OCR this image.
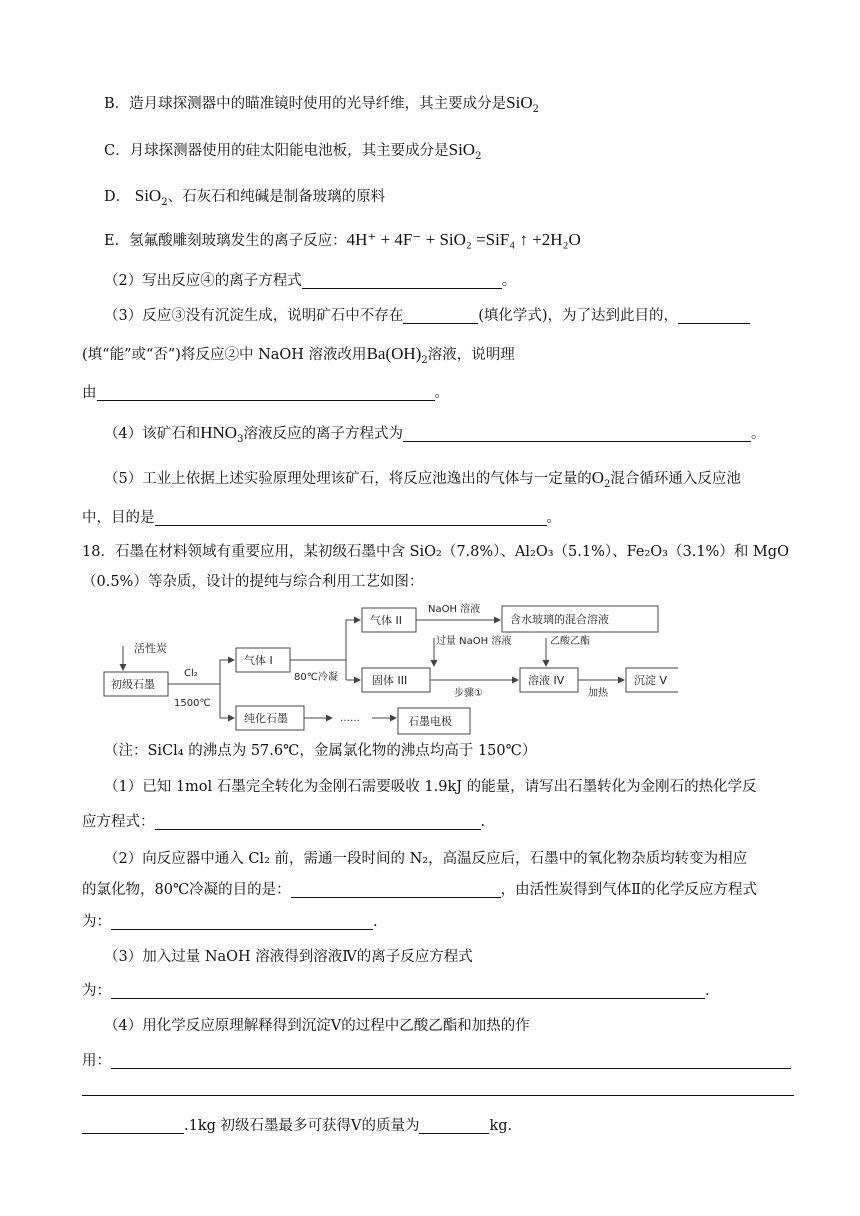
B．造月球探测器中的瞄准镜时使用的光导纤维，其主要成分是SiO$_2$
C．月球探测器使用的硅太阳能电池板，其主要成分是SiO$_2$
D． SiO$_2$、石灰石和纯碱是制备玻璃的原料
E．氢氟酸雕刻玻璃发生的离子反应：4H⁺ + 4F⁻ + SiO₂ =SiF₄ ↑ +2H₂O
（2）写出反应④的离子方程式	。
（3）反应③没有沉淀生成，说明矿石中不存在	(填化学式)，为了达到此目的，
(填“能”或“否”)将反应②中 NaOH 溶液改用$Ba(OH)_2$溶液，说明理
由	。
（4）该矿石和$HNO_3$溶液反应的离子方程式为	。
（5）工业上依据上述实验原理处理该矿石，将反应池逸出的气体与一定量的$O_2$混合循环通入反应池
中，目的是	。
18．石墨在材料领域有重要应用，某初级石墨中含 SiO₂（7.8%）、Al₂O₃（5.1%）、Fe₂O₃（3.1%）和 MgO
（0.5%）等杂质，设计的提纯与综合利用工艺如图：
活性炭
初级石墨
Cl₂
1500℃
气体 I
80℃冷凝
气体 II
NaOH 溶液
含水玻璃的混合溶液
过量 NaOH 溶液
固体 III
步骤①
乙酸乙酯
溶液 IV
加热
沉淀 V
纯化石墨	……	石墨电极
（注：SiCl₄ 的沸点为 57.6℃，金属氯化物的沸点均高于 150℃）
（1）已知 1mol 石墨完全转化为金刚石需要吸收 1.9kJ 的能量，请写出石墨转化为金刚石的热化学反
应方程式：	.
（2）向反应器中通入 Cl₂ 前，需通一段时间的 N₂，高温反应后，石墨中的氧化物杂质均转变为相应
的氯化物，80℃冷凝的目的是：	，由活性炭得到气体Ⅱ的化学反应方程式
为：	.
（3）加入过量 NaOH 溶液得到溶液Ⅳ的离子反应方程式
为：	.
（4）用化学反应原理解释得到沉淀Ⅴ的过程中乙酸乙酯和加热的作
用：
.1kg 初级石墨最多可获得Ⅴ的质量为	kg.
